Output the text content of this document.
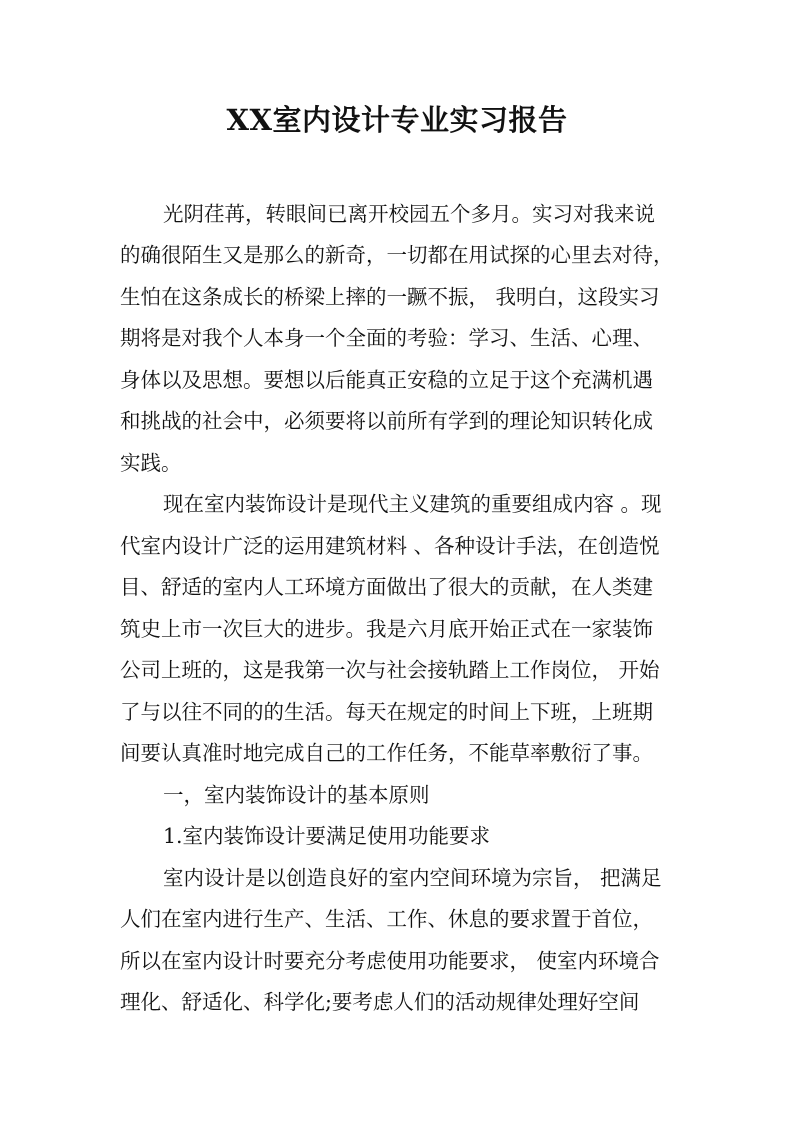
XX室内设计专业实习报告
光阴荏苒，转眼间已离开校园五个多月。实习对我来说
的确很陌生又是那么的新奇，一切都在用试探的心里去对待，
生怕在这条成长的桥梁上摔的一蹶不振， 我明白，这段实习
期将是对我个人本身一个全面的考验：学习、生活、心理、
身体以及思想。要想以后能真正安稳的立足于这个充满机遇
和挑战的社会中，必须要将以前所有学到的理论知识转化成
实践。
现在室内装饰设计是现代主义建筑的重要组成内容 。现
代室内设计广泛的运用建筑材料 、各种设计手法，在创造悦
目、舒适的室内人工环境方面做出了很大的贡献，在人类建
筑史上市一次巨大的进步。我是六月底开始正式在一家装饰
公司上班的，这是我第一次与社会接轨踏上工作岗位， 开始
了与以往不同的的生活。每天在规定的时间上下班，上班期
间要认真准时地完成自己的工作任务，不能草率敷衍了事。
一，室内装饰设计的基本原则
1.室内装饰设计要满足使用功能要求
室内设计是以创造良好的室内空间环境为宗旨， 把满足
人们在室内进行生产、生活、工作、休息的要求置于首位，
所以在室内设计时要充分考虑使用功能要求， 使室内环境合
理化、舒适化、科学化;要考虑人们的活动规律处理好空间
